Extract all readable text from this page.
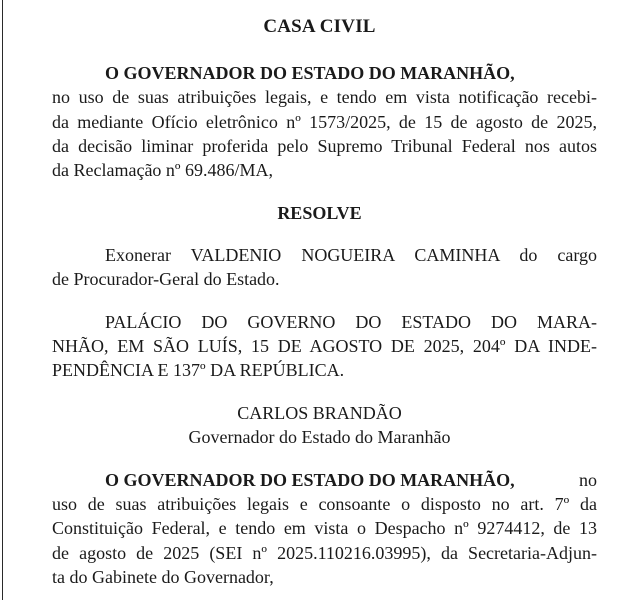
CASA CIVIL
O GOVERNADOR DO ESTADO DO MARANHÃO,
no uso de suas atribuições legais, e tendo em vista notificação recebi-
da mediante Ofício eletrônico nº 1573/2025, de 15 de agosto de 2025,
da decisão liminar proferida pelo Supremo Tribunal Federal nos autos
da Reclamação nº 69.486/MA,
RESOLVE
Exonerar VALDENIO NOGUEIRA CAMINHA do cargo
de Procurador-Geral do Estado.
PALÁCIO DO GOVERNO DO ESTADO DO MARA-
NHÃO, EM SÃO LUÍS, 15 DE AGOSTO DE 2025, 204º DA INDE-
PENDÊNCIA E 137º DA REPÚBLICA.
CARLOS BRANDÃO
Governador do Estado do Maranhão
O GOVERNADOR DO ESTADO DO MARANHÃO,	no
uso de suas atribuições legais e consoante o disposto no art. 7º da
Constituição Federal, e tendo em vista o Despacho nº 9274412, de 13
de agosto de 2025 (SEI nº 2025.110216.03995), da Secretaria-Adjun-
ta do Gabinete do Governador,
